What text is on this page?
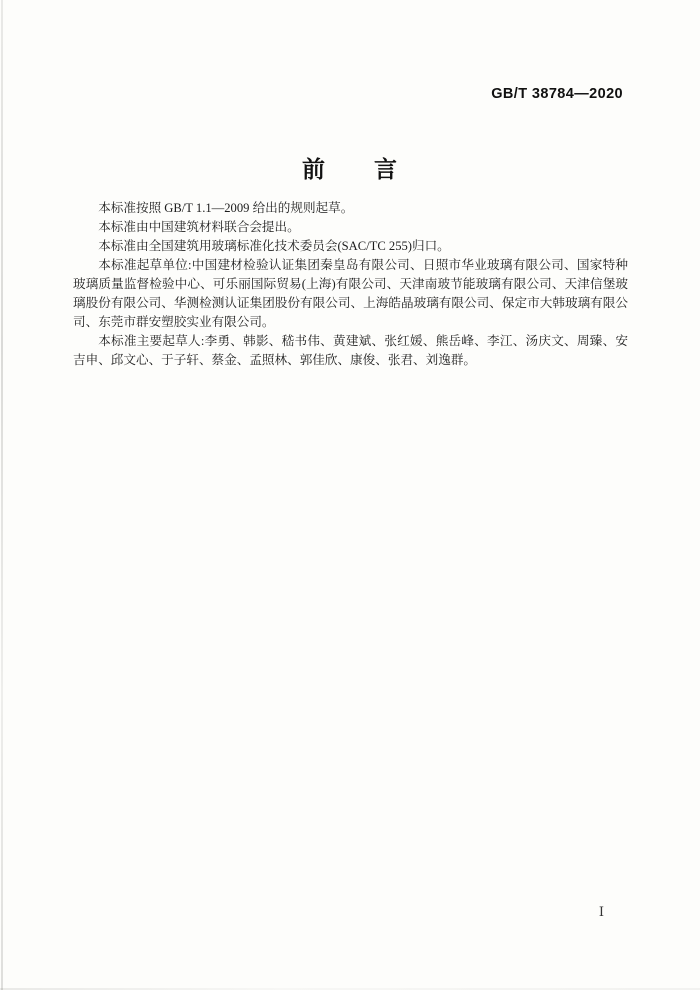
GB/T 38784—2020
前　　言

本标准按照 GB/T 1.1—2009 给出的规则起草。

本标准由中国建筑材料联合会提出。

本标准由全国建筑用玻璃标准化技术委员会(SAC/TC 255)归口。

本标准起草单位:中国建材检验认证集团秦皇岛有限公司、日照市华业玻璃有限公司、国家特种玻璃质量监督检验中心、可乐丽国际贸易(上海)有限公司、天津南玻节能玻璃有限公司、天津信堡玻璃股份有限公司、华测检测认证集团股份有限公司、上海皓晶玻璃有限公司、保定市大韩玻璃有限公司、东莞市群安塑胶实业有限公司。

本标准主要起草人:李勇、韩影、嵇书伟、黄建斌、张红媛、熊岳峰、李江、汤庆文、周臻、安吉申、邱文心、于子轩、蔡金、孟照林、郭佳欣、康俊、张君、刘逸群。

Ⅰ
